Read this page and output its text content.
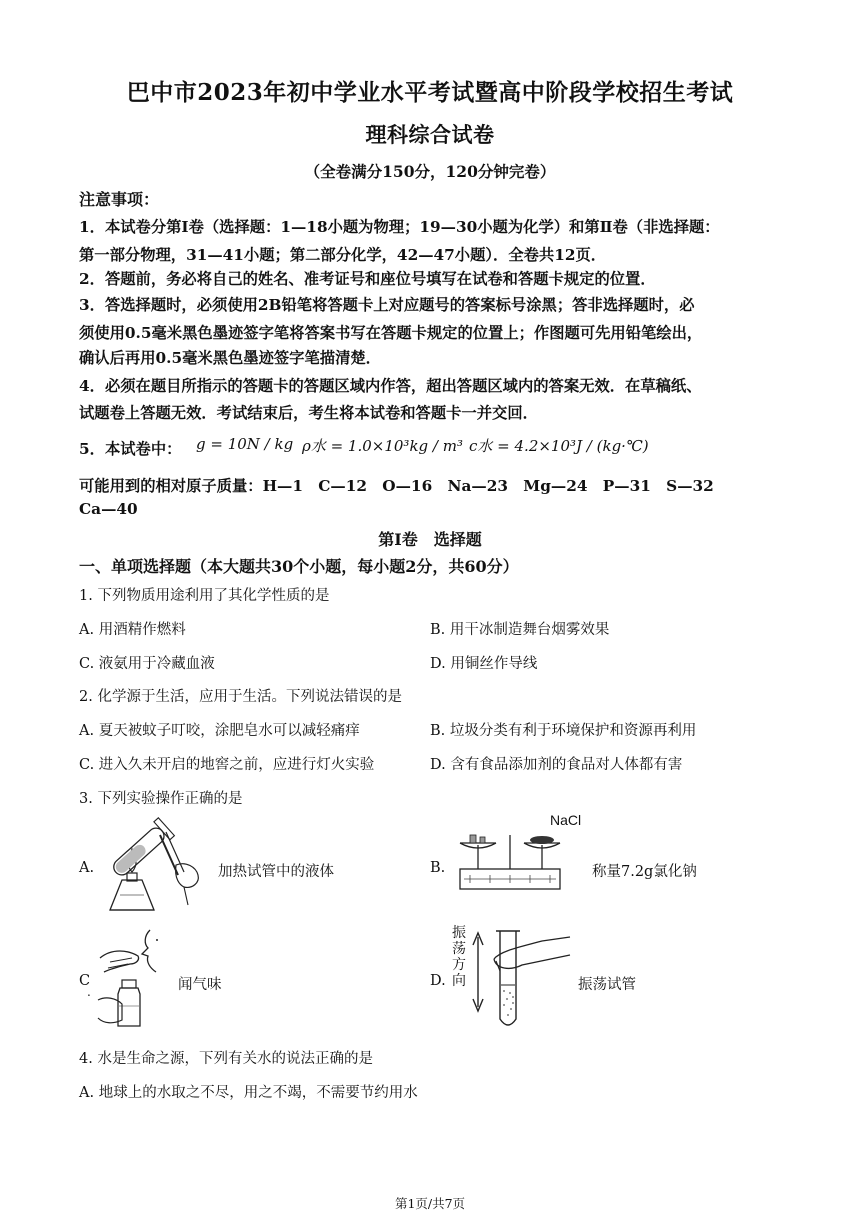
巴中市2023年初中学业水平考试暨高中阶段学校招生考试
理科综合试卷
（全卷满分150分，120分钟完卷）
注意事项：
1．本试卷分第Ⅰ卷（选择题：1—18小题为物理；19—30小题为化学）和第Ⅱ卷（非选择题：
第一部分物理，31—41小题；第二部分化学，42—47小题）．全卷共12页．
2．答题前，务必将自己的姓名、准考证号和座位号填写在试卷和答题卡规定的位置．
3．答选择题时，必须使用2B铅笔将答题卡上对应题号的答案标号涂黑；答非选择题时，必
须使用0.5毫米黑色墨迹签字笔将答案书写在答题卡规定的位置上；作图题可先用铅笔绘出，
确认后再用0.5毫米黑色墨迹签字笔描清楚．
4．必须在题目所指示的答题卡的答题区域内作答，超出答题区域内的答案无效．在草稿纸、
试题卷上答题无效．考试结束后，考生将本试卷和答题卡一并交回．
5．本试卷中： g = 10N / kg ρ水 = 1.0×10³kg / m³ c水 = 4.2×10³J / (kg·℃)
可能用到的相对原子质量：H—1　C—12　O—16　Na—23　Mg—24　P—31　S—32
Ca—40
第Ⅰ卷　选择题
一、单项选择题（本大题共30个小题，每小题2分，共60分）
1. 下列物质用途利用了其化学性质的是
A. 用酒精作燃料	B. 用干冰制造舞台烟雾效果
C. 液氨用于冷藏血液	D. 用铜丝作导线
2. 化学源于生活，应用于生活。下列说法错误的是
A. 夏天被蚊子叮咬，涂肥皂水可以减轻痛痒	B. 垃圾分类有利于环境保护和资源再利用
C. 进入久未开启的地窖之前，应进行灯火实验	D. 含有食品添加剂的食品对人体都有害
3. 下列实验操作正确的是
A.	加热试管中的液体	B.
NaCl
称量7.2g氯化钠
C
.	闻气味	D.
振荡方向	振荡试管
4. 水是生命之源，下列有关水的说法正确的是
A. 地球上的水取之不尽，用之不竭，不需要节约用水
第1页/共7页
